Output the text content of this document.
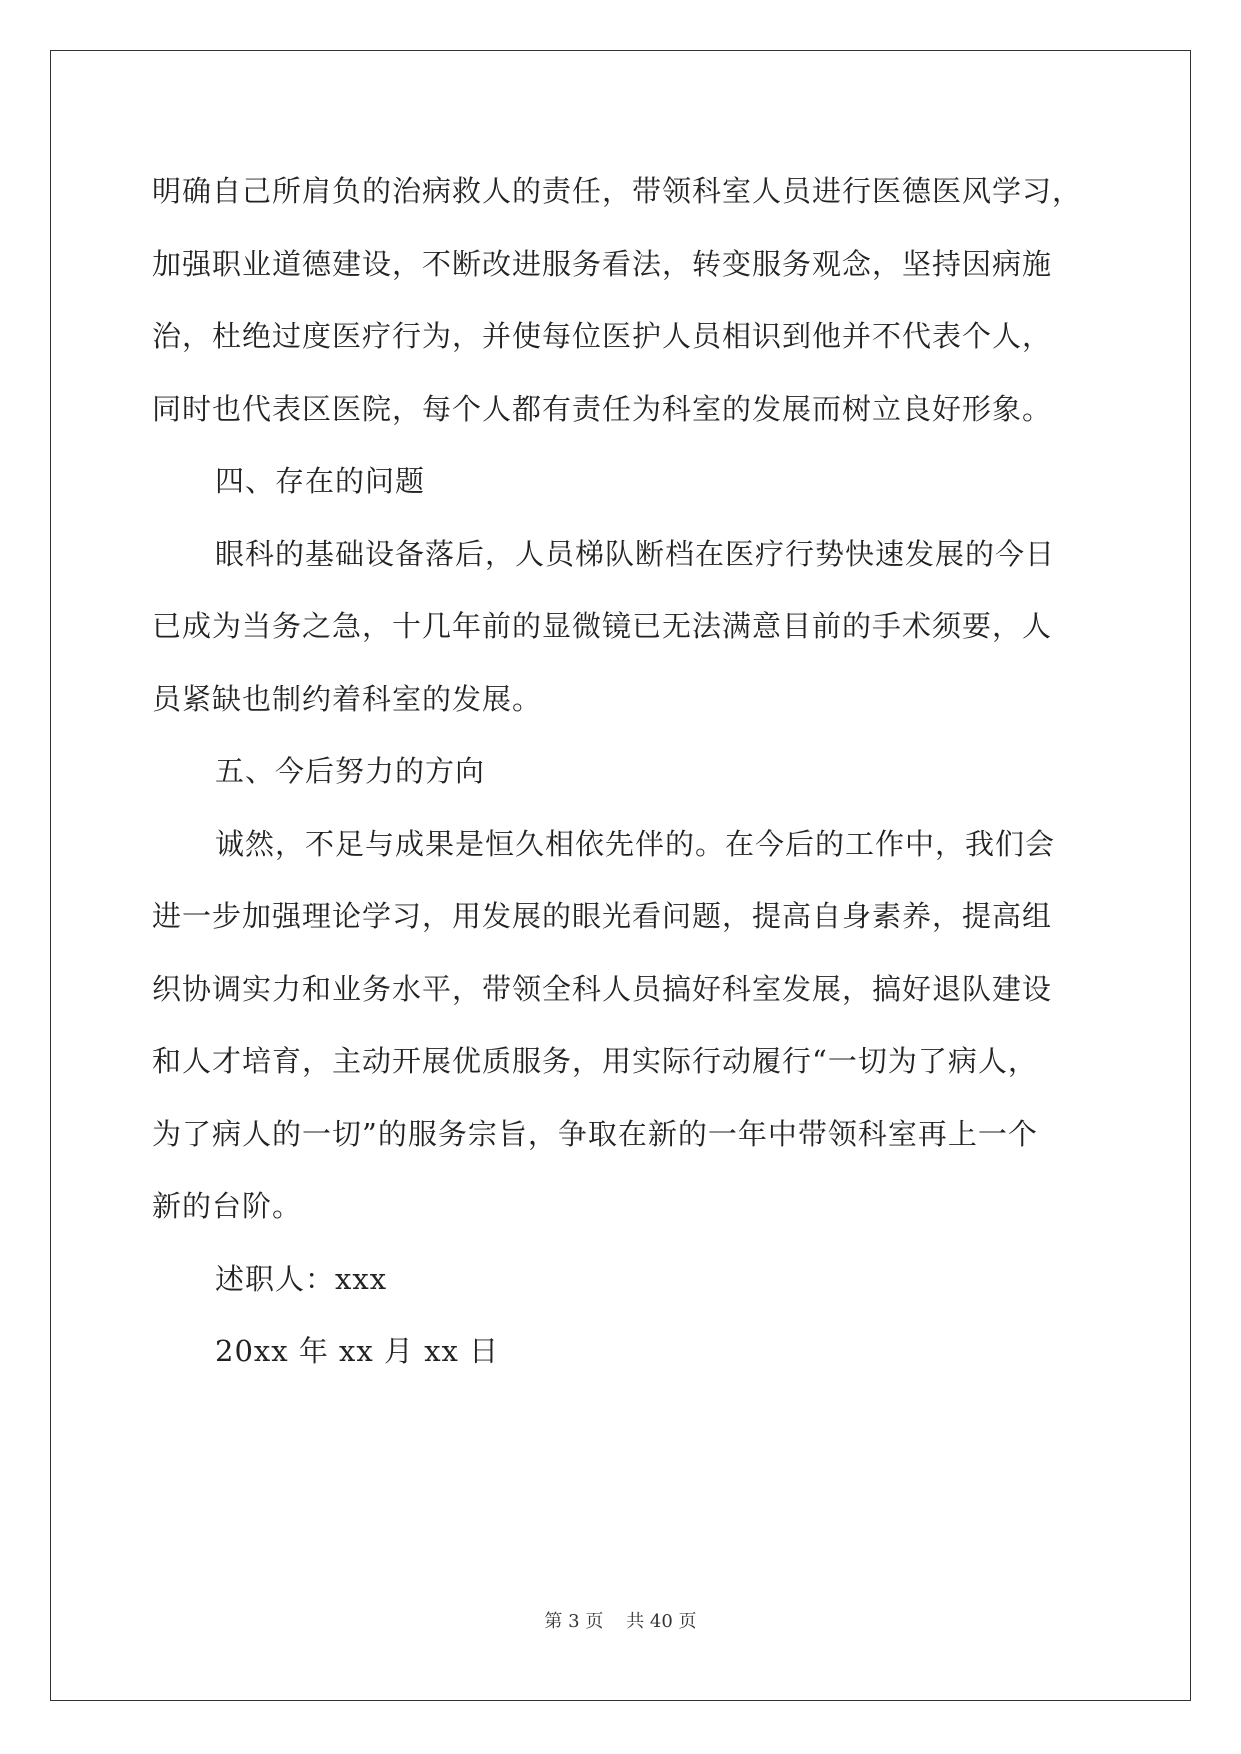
明确自己所肩负的治病救人的责任，带领科室人员进行医德医风学习，
加强职业道德建设，不断改进服务看法，转变服务观念，坚持因病施
治，杜绝过度医疗行为，并使每位医护人员相识到他并不代表个人，
同时也代表区医院，每个人都有责任为科室的发展而树立良好形象。
四、存在的问题
眼科的基础设备落后，人员梯队断档在医疗行势快速发展的今日
已成为当务之急，十几年前的显微镜已无法满意目前的手术须要，人
员紧缺也制约着科室的发展。
五、今后努力的方向
诚然，不足与成果是恒久相依先伴的。在今后的工作中，我们会
进一步加强理论学习，用发展的眼光看问题，提高自身素养，提高组
织协调实力和业务水平，带领全科人员搞好科室发展，搞好退队建设
和人才培育，主动开展优质服务，用实际行动履行“一切为了病人，
为了病人的一切”的服务宗旨，争取在新的一年中带领科室再上一个
新的台阶。
述职人：xxx
20xx 年 xx 月 xx 日
第 3 页    共 40 页
